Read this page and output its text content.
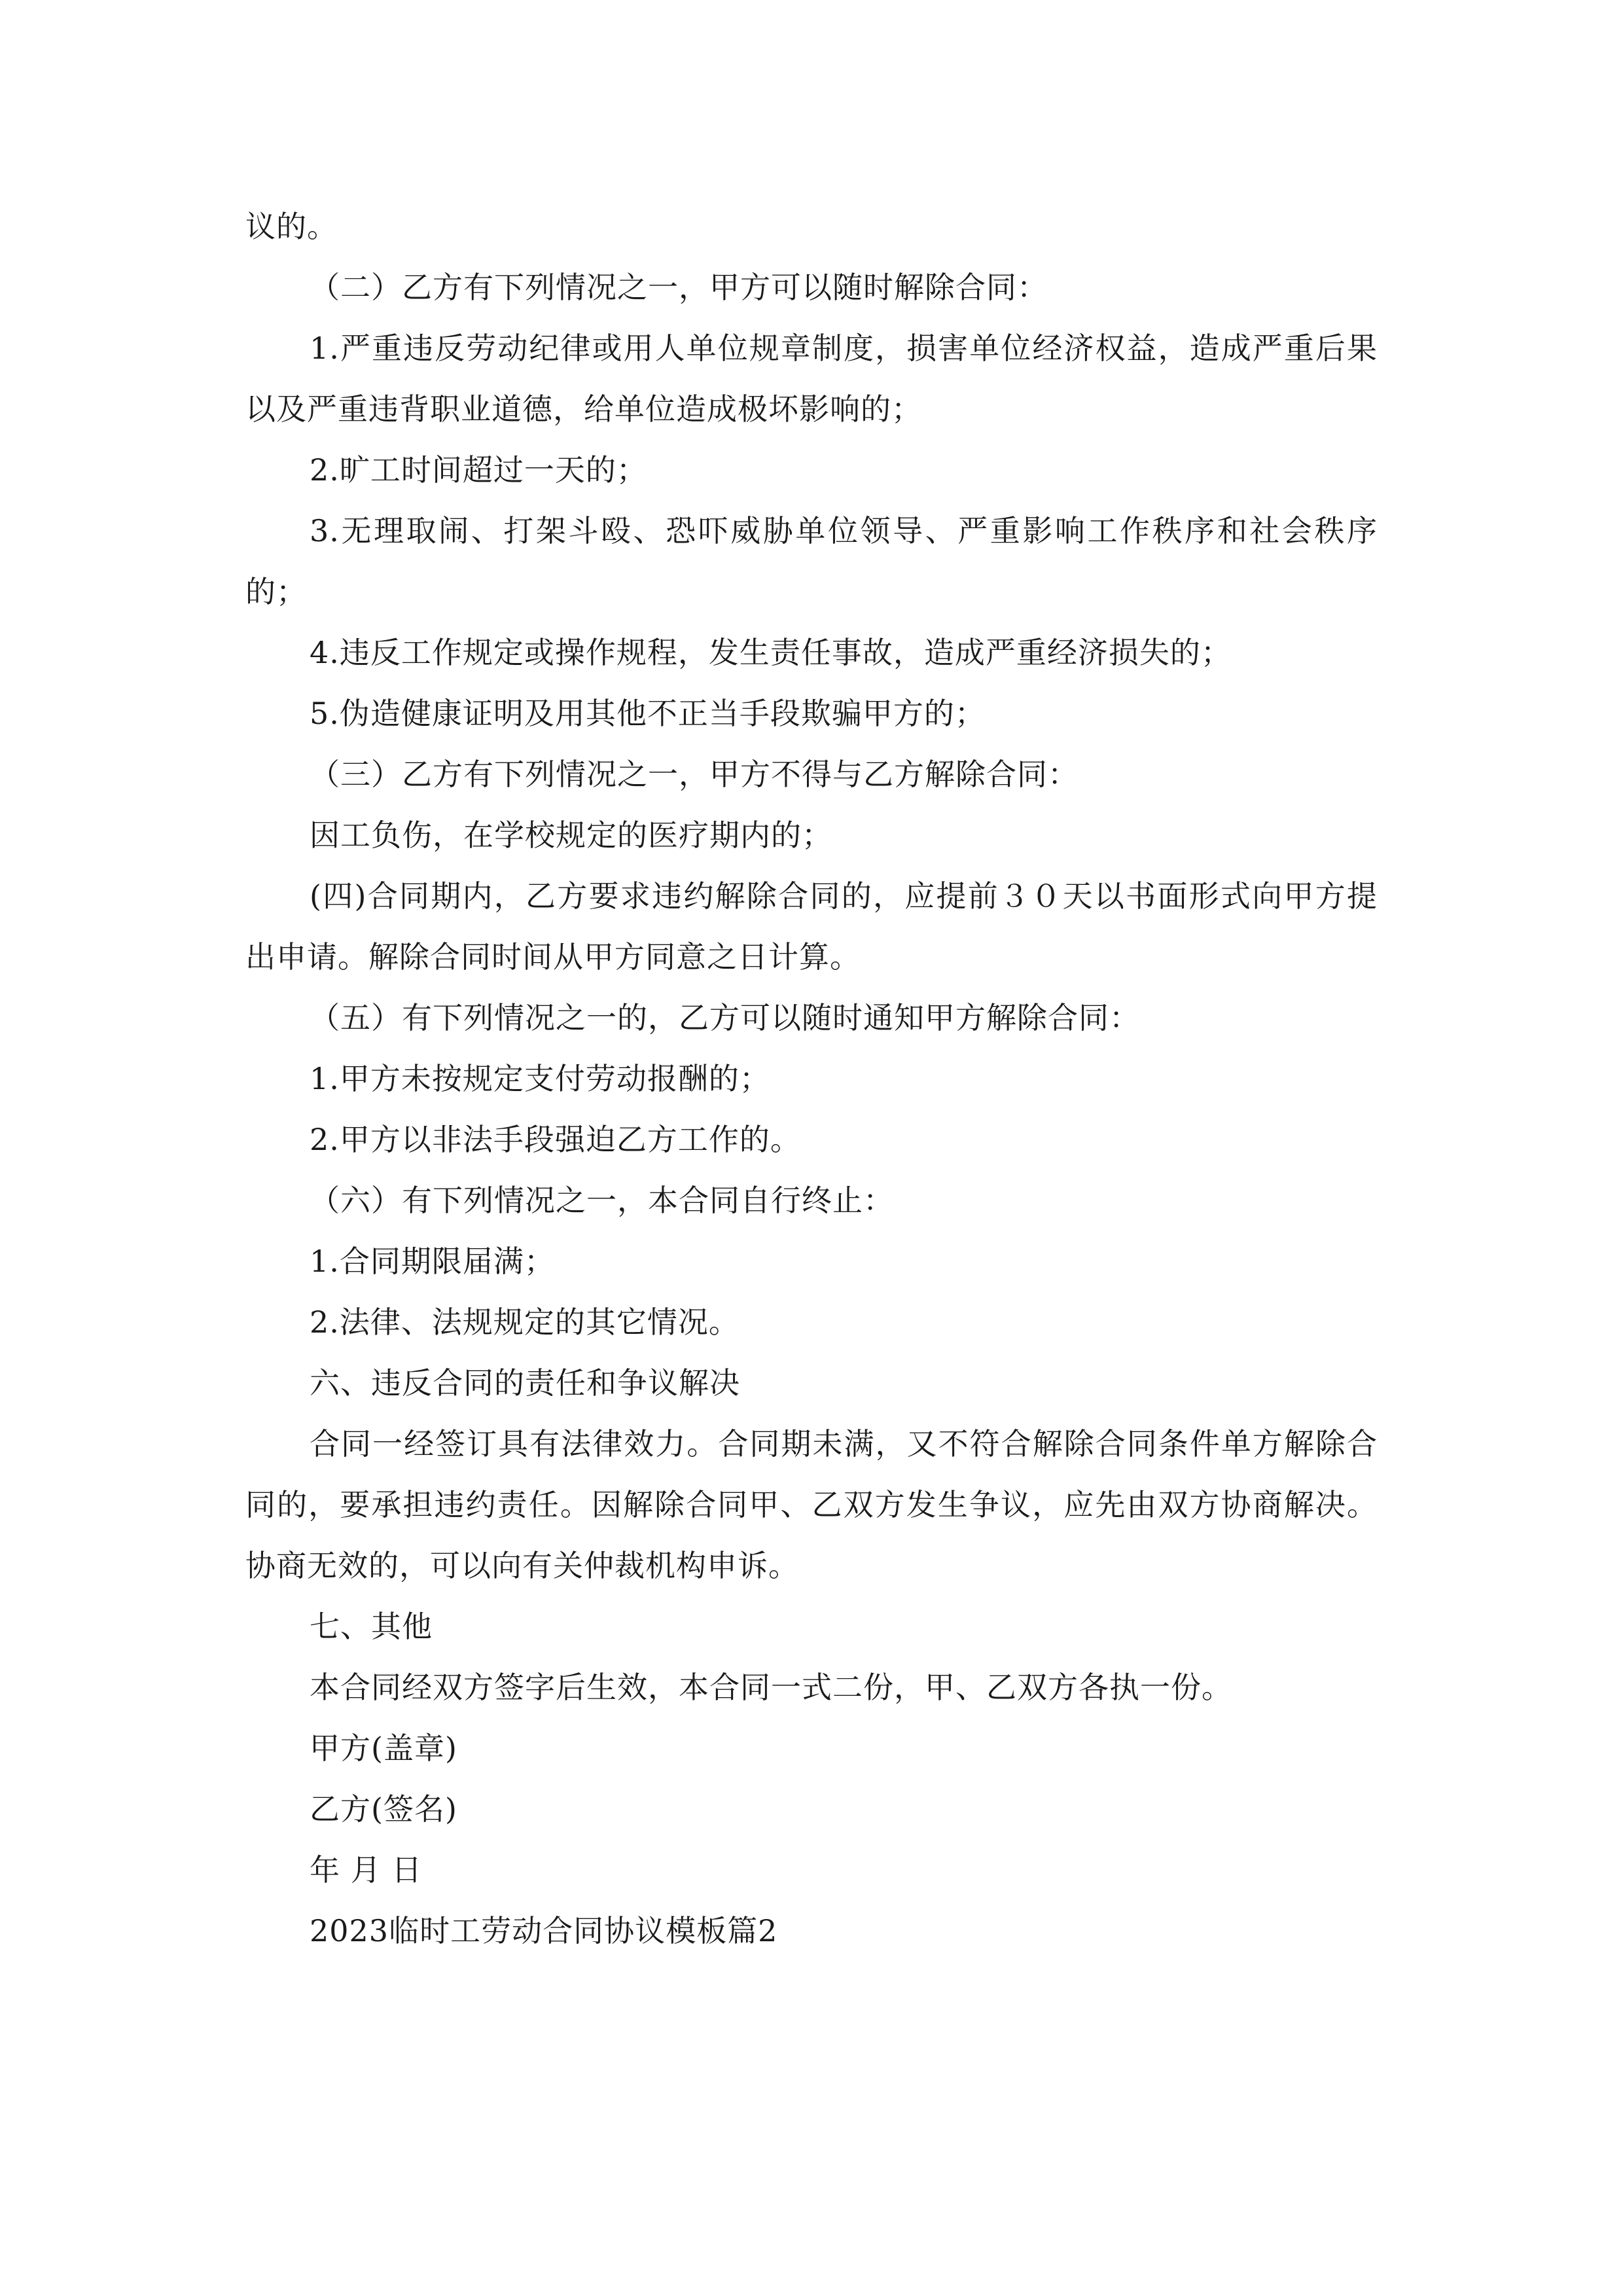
议的。

（二）乙方有下列情况之一，甲方可以随时解除合同：

1.严重违反劳动纪律或用人单位规章制度，损害单位经济权益，造成严重后果以及严重违背职业道德，给单位造成极坏影响的；

2.旷工时间超过一天的；

3.无理取闹、打架斗殴、恐吓威胁单位领导、严重影响工作秩序和社会秩序的；

4.违反工作规定或操作规程，发生责任事故，造成严重经济损失的；

5.伪造健康证明及用其他不正当手段欺骗甲方的；

（三）乙方有下列情况之一，甲方不得与乙方解除合同：

因工负伤，在学校规定的医疗期内的；

(四)合同期内，乙方要求违约解除合同的，应提前３０天以书面形式向甲方提出申请。解除合同时间从甲方同意之日计算。

（五）有下列情况之一的，乙方可以随时通知甲方解除合同：

1.甲方未按规定支付劳动报酬的；

2.甲方以非法手段强迫乙方工作的。

（六）有下列情况之一，本合同自行终止：

1.合同期限届满；

2.法律、法规规定的其它情况。

六、违反合同的责任和争议解决

合同一经签订具有法律效力。合同期未满，又不符合解除合同条件单方解除合同的，要承担违约责任。因解除合同甲、乙双方发生争议，应先由双方协商解决。协商无效的，可以向有关仲裁机构申诉。

七、其他

本合同经双方签字后生效，本合同一式二份，甲、乙双方各执一份。

甲方(盖章)

乙方(签名)

年 月 日

2023临时工劳动合同协议模板篇2
